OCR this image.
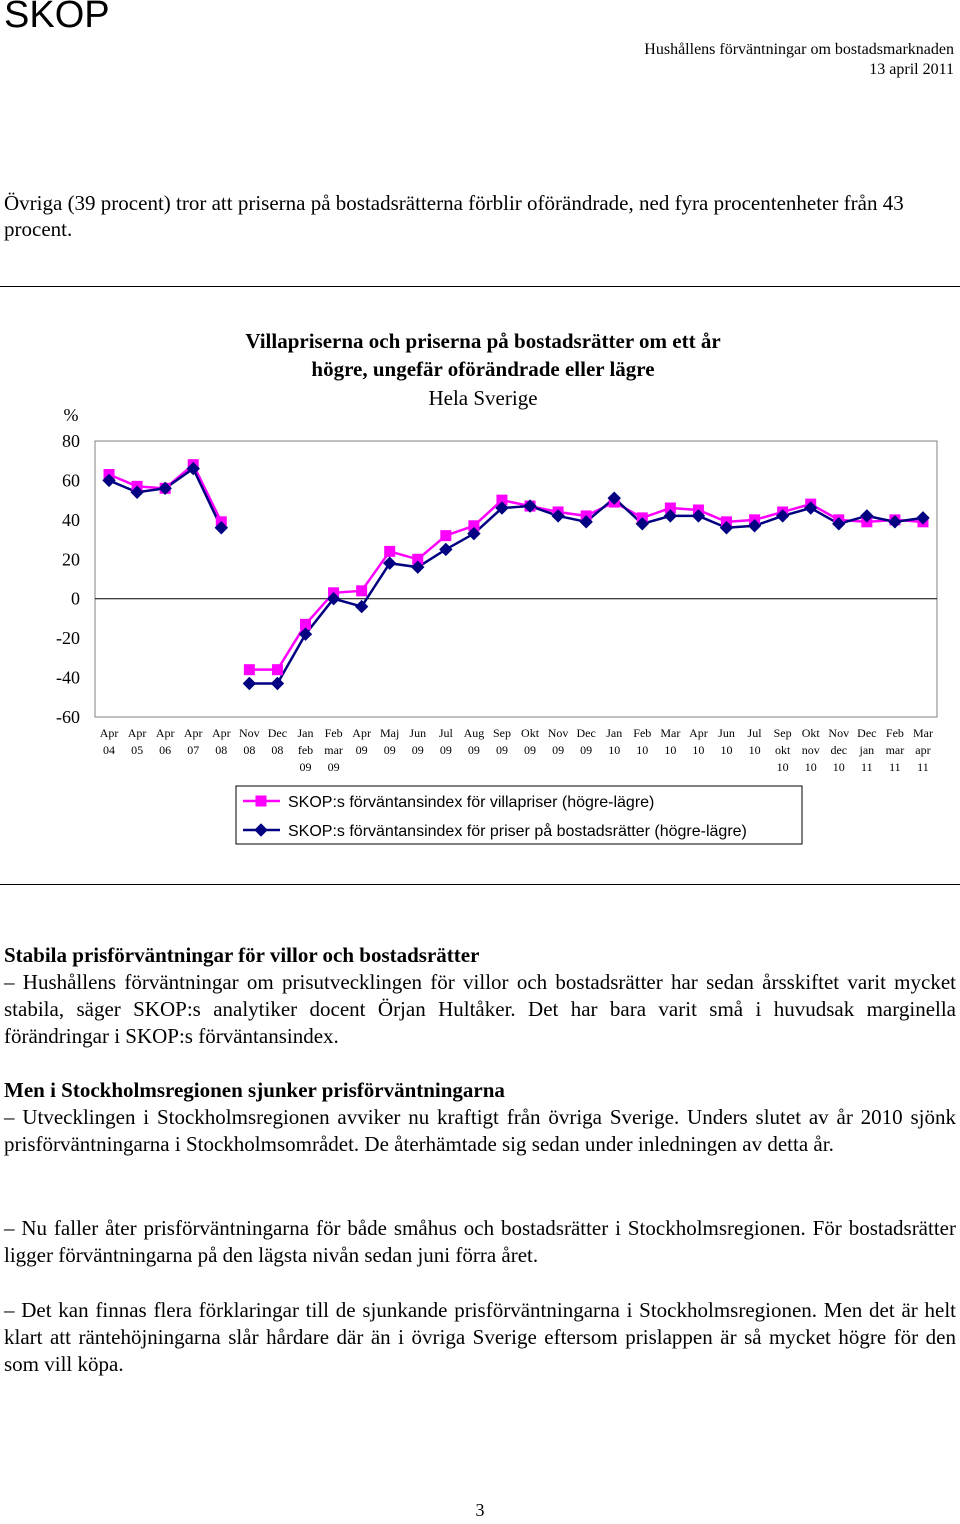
SKOP
Hushållens förväntningar om bostadsmarknaden
13 april 2011
Övriga (39 procent) tror att priserna på bostadsrätterna förblir oförändrade, ned fyra procentenheter från 43 procent.
Villapriserna och priserna på bostadsrätter om ett år
högre, ungefär oförändrade eller lägre
Hela Sverige
%
80
60
40
20
0
-20
-40
-60
Apr
04
Apr
05
Apr
06
Apr
07
Apr
08
Nov
08
Dec
08
Jan
feb
09
Feb
mar
09
Apr
09
Maj
09
Jun
09
Jul
09
Aug
09
Sep
09
Okt
09
Nov
09
Dec
09
Jan
10
Feb
10
Mar
10
Apr
10
Jun
10
Jul
10
Sep
okt
10
Okt
nov
10
Nov
dec
10
Dec
jan
11
Feb
mar
11
Mar
apr
11
SKOP:s förväntansindex för villapriser (högre-lägre)
SKOP:s förväntansindex för priser på bostadsrätter (högre-lägre)

Stabila prisförväntningar för villor och bostadsrätter

– Hushållens förväntningar om prisutvecklingen för villor och bostadsrätter har sedan årsskiftet varit mycket stabila, säger SKOP:s analytiker docent Örjan Hultåker. Det har bara varit små i huvudsak marginella förändringar i SKOP:s förväntansindex.

Men i Stockholmsregionen sjunker prisförväntningarna

– Utvecklingen i Stockholmsregionen avviker nu kraftigt från övriga Sverige. Unders slutet av år 2010 sjönk prisförväntningarna i Stockholmsområdet. De återhämtade sig sedan under inledningen av detta år.

– Nu faller åter prisförväntningarna för både småhus och bostadsrätter i Stockholmsregionen. För bostadsrätter ligger förväntningarna på den lägsta nivån sedan juni förra året.

– Det kan finnas flera förklaringar till de sjunkande prisförväntningarna i Stockholmsregionen. Men det är helt klart att räntehöjningarna slår hårdare där än i övriga Sverige eftersom prislappen är så mycket högre för den som vill köpa.

3
